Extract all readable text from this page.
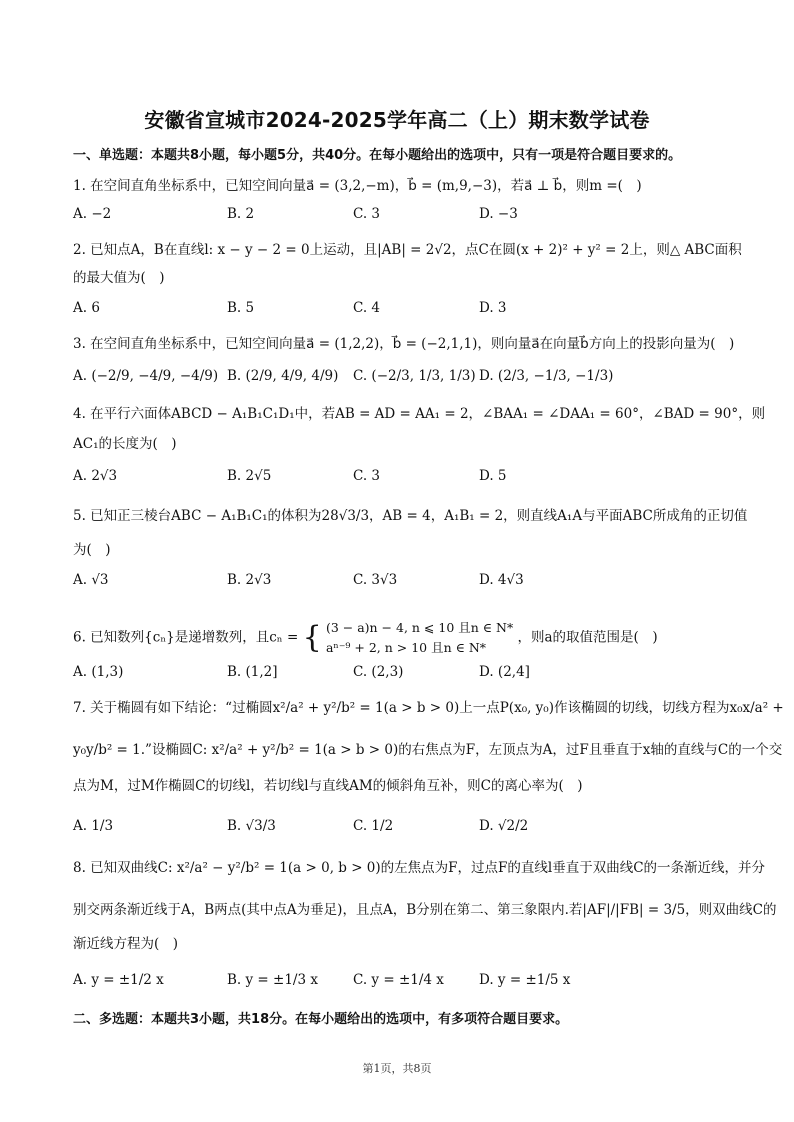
安徽省宣城市2024-2025学年高二（上）期末数学试卷
一、单选题：本题共8小题，每小题5分，共40分。在每小题给出的选项中，只有一项是符合题目要求的。
1. 在空间直角坐标系中，已知空间向量a⃗ = (3,2,−m)，b⃗ = (m,9,−3)，若a⃗ ⊥ b⃗，则m =(　)
A. −2	B. 2	C. 3	D. −3
2. 已知点A，B在直线l: x − y − 2 = 0上运动，且|AB| = 2√2，点C在圆(x + 2)² + y² = 2上，则△ ABC面积
的最大值为(　)
A. 6	B. 5	C. 4	D. 3
3. 在空间直角坐标系中，已知空间向量a⃗ = (1,2,2)，b⃗ = (−2,1,1)，则向量a⃗在向量b⃗方向上的投影向量为(　)
A. (−2/9, −4/9, −4/9) B. (2/9, 4/9, 4/9) C. (−2/3, 1/3, 1/3) D. (2/3, −1/3, −1/3)
4. 在平行六面体ABCD − A₁B₁C₁D₁中，若AB = AD = AA₁ = 2，∠BAA₁ = ∠DAA₁ = 60°，∠BAD = 90°，则
AC₁的长度为(　)
A. 2√3	B. 2√5	C. 3	D. 5
5. 已知正三棱台ABC − A₁B₁C₁的体积为28√3/3，AB = 4，A₁B₁ = 2，则直线A₁A与平面ABC所成角的正切值
为(　)
A. √3	B. 2√3	C. 3√3	D. 4√3
6. 已知数列{cₙ}是递增数列，且cₙ = { (3 − a)n − 4, n ⩽ 10 且n ∈ N*
aⁿ⁻⁹ + 2, n > 10 且n ∈ N*
，则a的取值范围是(　)
A. (1,3)	B. (1,2]	C. (2,3)	D. (2,4]
7. 关于椭圆有如下结论：“过椭圆x²/a² + y²/b² = 1(a > b > 0)上一点P(x₀, y₀)作该椭圆的切线，切线方程为x₀x/a² +
y₀y/b² = 1.”设椭圆C: x²/a² + y²/b² = 1(a > b > 0)的右焦点为F，左顶点为A，过F且垂直于x轴的直线与C的一个交
点为M，过M作椭圆C的切线l，若切线l与直线AM的倾斜角互补，则C的离心率为(　)
A. 1/3	B. √3/3	C. 1/2	D. √2/2
8. 已知双曲线C: x²/a² − y²/b² = 1(a > 0, b > 0)的左焦点为F，过点F的直线l垂直于双曲线C的一条渐近线，并分
别交两条渐近线于A，B两点(其中点A为垂足)，且点A，B分别在第二、第三象限内.若|AF|/|FB| = 3/5，则双曲线C的
渐近线方程为(　)
A. y = ±1/2 x	B. y = ±1/3 x	C. y = ±1/4 x	D. y = ±1/5 x
二、多选题：本题共3小题，共18分。在每小题给出的选项中，有多项符合题目要求。
第1页，共8页
